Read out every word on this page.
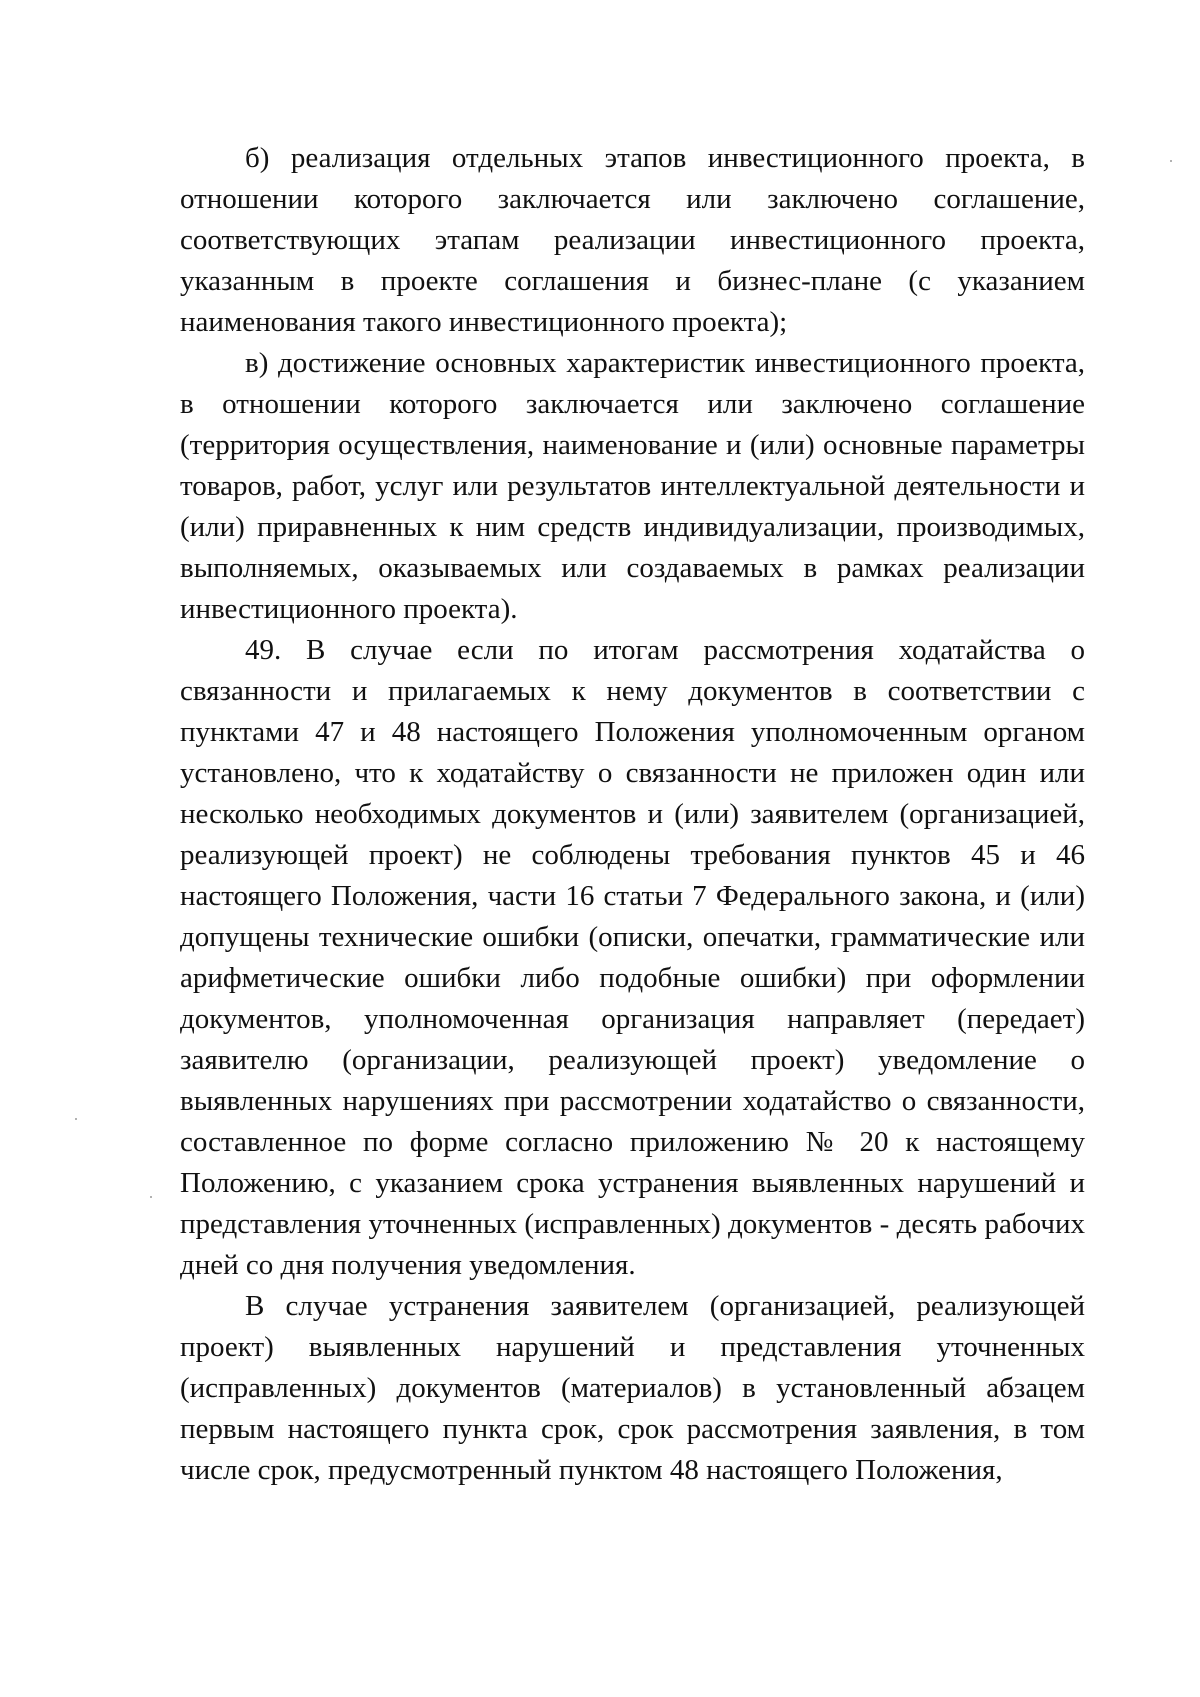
б) реализация отдельных этапов инвестиционного проекта, в отношении которого заключается или заключено соглашение, соответствующих этапам реализации инвестиционного проекта, указанным в проекте соглашения и бизнес-плане (с указанием наименования такого инвестиционного проекта);

в) достижение основных характеристик инвестиционного проекта, в отношении которого заключается или заключено соглашение (территория осуществления, наименование и (или) основные параметры товаров, работ, услуг или результатов интеллектуальной деятельности и (или) приравненных к ним средств индивидуализации, производимых, выполняемых, оказываемых или создаваемых в рамках реализации инвестиционного проекта).

49. В случае если по итогам рассмотрения ходатайства о связанности и прилагаемых к нему документов в соответствии с пунктами 47 и 48 настоящего Положения уполномоченным органом установлено, что к ходатайству о связанности не приложен один или несколько необходимых документов и (или) заявителем (организацией, реализующей проект) не соблюдены требования пунктов 45 и 46 настоящего Положения, части 16 статьи 7 Федерального закона, и (или) допущены технические ошибки (описки, опечатки, грамматические или арифметические ошибки либо подобные ошибки) при оформлении документов, уполномоченная организация направляет (передает) заявителю (организации, реализующей проект) уведомление о выявленных нарушениях при рассмотрении ходатайство о связанности, составленное по форме согласно приложению № 20 к настоящему Положению, с указанием срока устранения выявленных нарушений и представления уточненных (исправленных) документов - десять рабочих дней со дня получения уведомления.

В случае устранения заявителем (организацией, реализующей проект) выявленных нарушений и представления уточненных (исправленных) документов (материалов) в установленный абзацем первым настоящего пункта срок, срок рассмотрения заявления, в том числе срок, предусмотренный пунктом 48 настоящего Положения,
